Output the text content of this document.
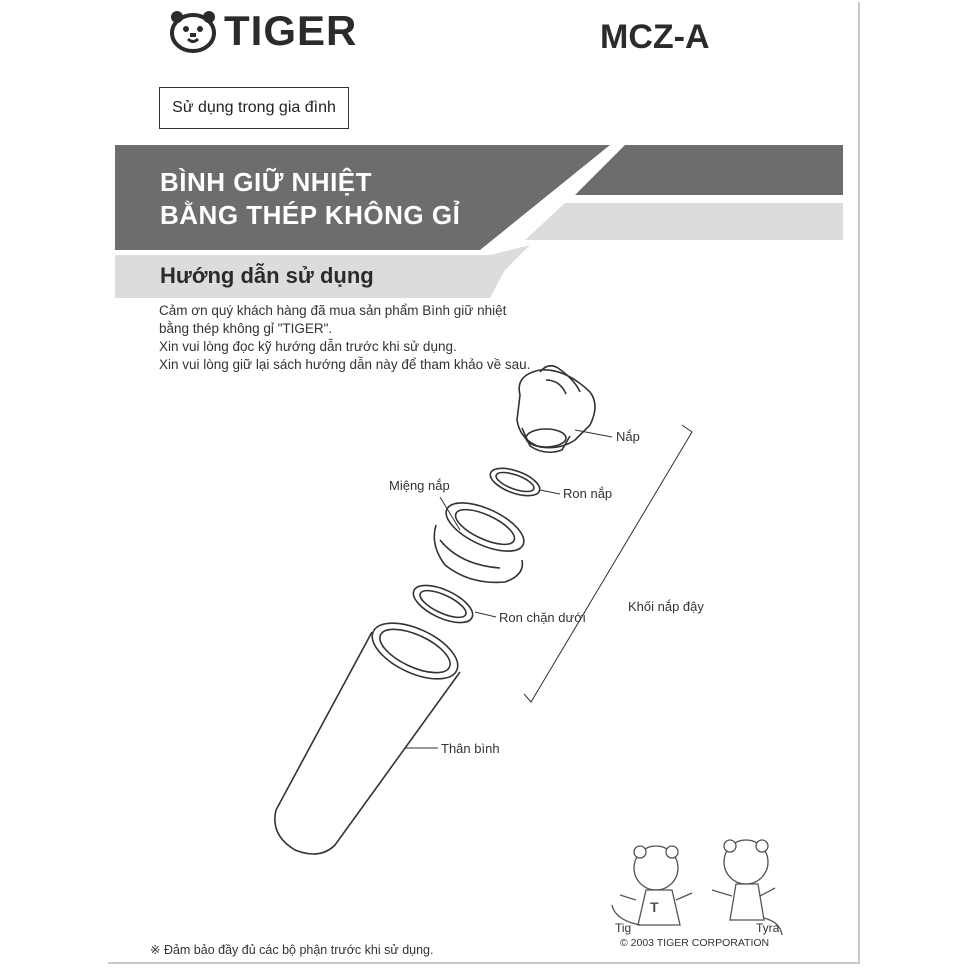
TIGER	MCZ-A
Sử dụng trong gia đình
BÌNH GIỮ NHIỆT
BẰNG THÉP KHÔNG GỈ
Hướng dẫn sử dụng
Cảm ơn quý khách hàng đã mua sản phẩm Bình giữ nhiệt
bằng thép không gỉ "TIGER".
Xin vui lòng đọc kỹ hướng dẫn trước khi sử dụng.
Xin vui lòng giữ lại sách hướng dẫn này để tham khảo về sau.
T
Nắp
Ron nắp
Miệng nắp
Ron chặn dưới
Khối nắp đậy
Thân bình
Tig	Tyra
※ Đảm bảo đầy đủ các bộ phận trước khi sử dụng.	© 2003 TIGER CORPORATION
